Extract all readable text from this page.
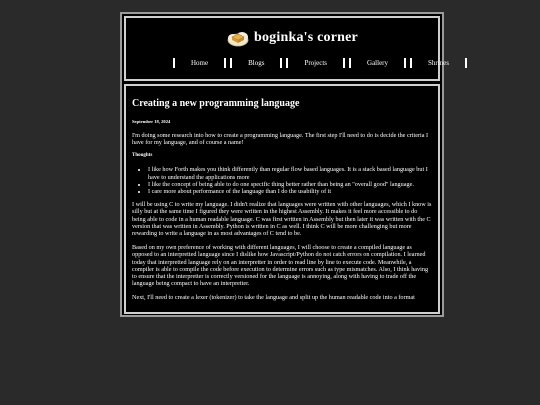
boginka's corner
Home	Blogs	Projects	Gallery	Shrines
Creating a new programming language
September 18, 2024

I'm doing some research into how to create a programming language. The first step I'll need to do is decide the criteria I have for my language, and of course a name!

Thoughts
• I like how Forth makes you think differently than regular flow based languages. It is a stack based language but I have to understand the applications more
• I like the concept of being able to do one specific thing better rather than being an "overall good" language.
• I care more about performance of the language than I do the usability of it

I will be using C to write my language. I didn't realize that languages were written with other languages, which I know is silly but at the same time I figured they were written in the highest Assembly. It makes it feel more accessible to do being able to code in a human readable language. C was first written in Assembly but then later it was written with the C version that was written in Assembly. Python is written in C as well. I think C will be more challenging but more rewarding to write a language in as most advantages of C tend to be.

Based on my own preference of working with different languages, I will choose to create a compiled language as opposed to an interpretted language since I dislike how Javascript/Python do not catch errors on compilation. I learned today that interpretted language rely on an interpretter in order to read line by line to execute code. Meanwhile, a compiler is able to compile the code before execution to determine errors such as type mismatches. Also, I think having to ensure that the interpretter is correctly versioned for the language is annoying, along with having to trade off the language being compact to have an interpretter.

Next, I'll need to create a lexer (tokenizer) to take the language and split up the human readable code into a format
